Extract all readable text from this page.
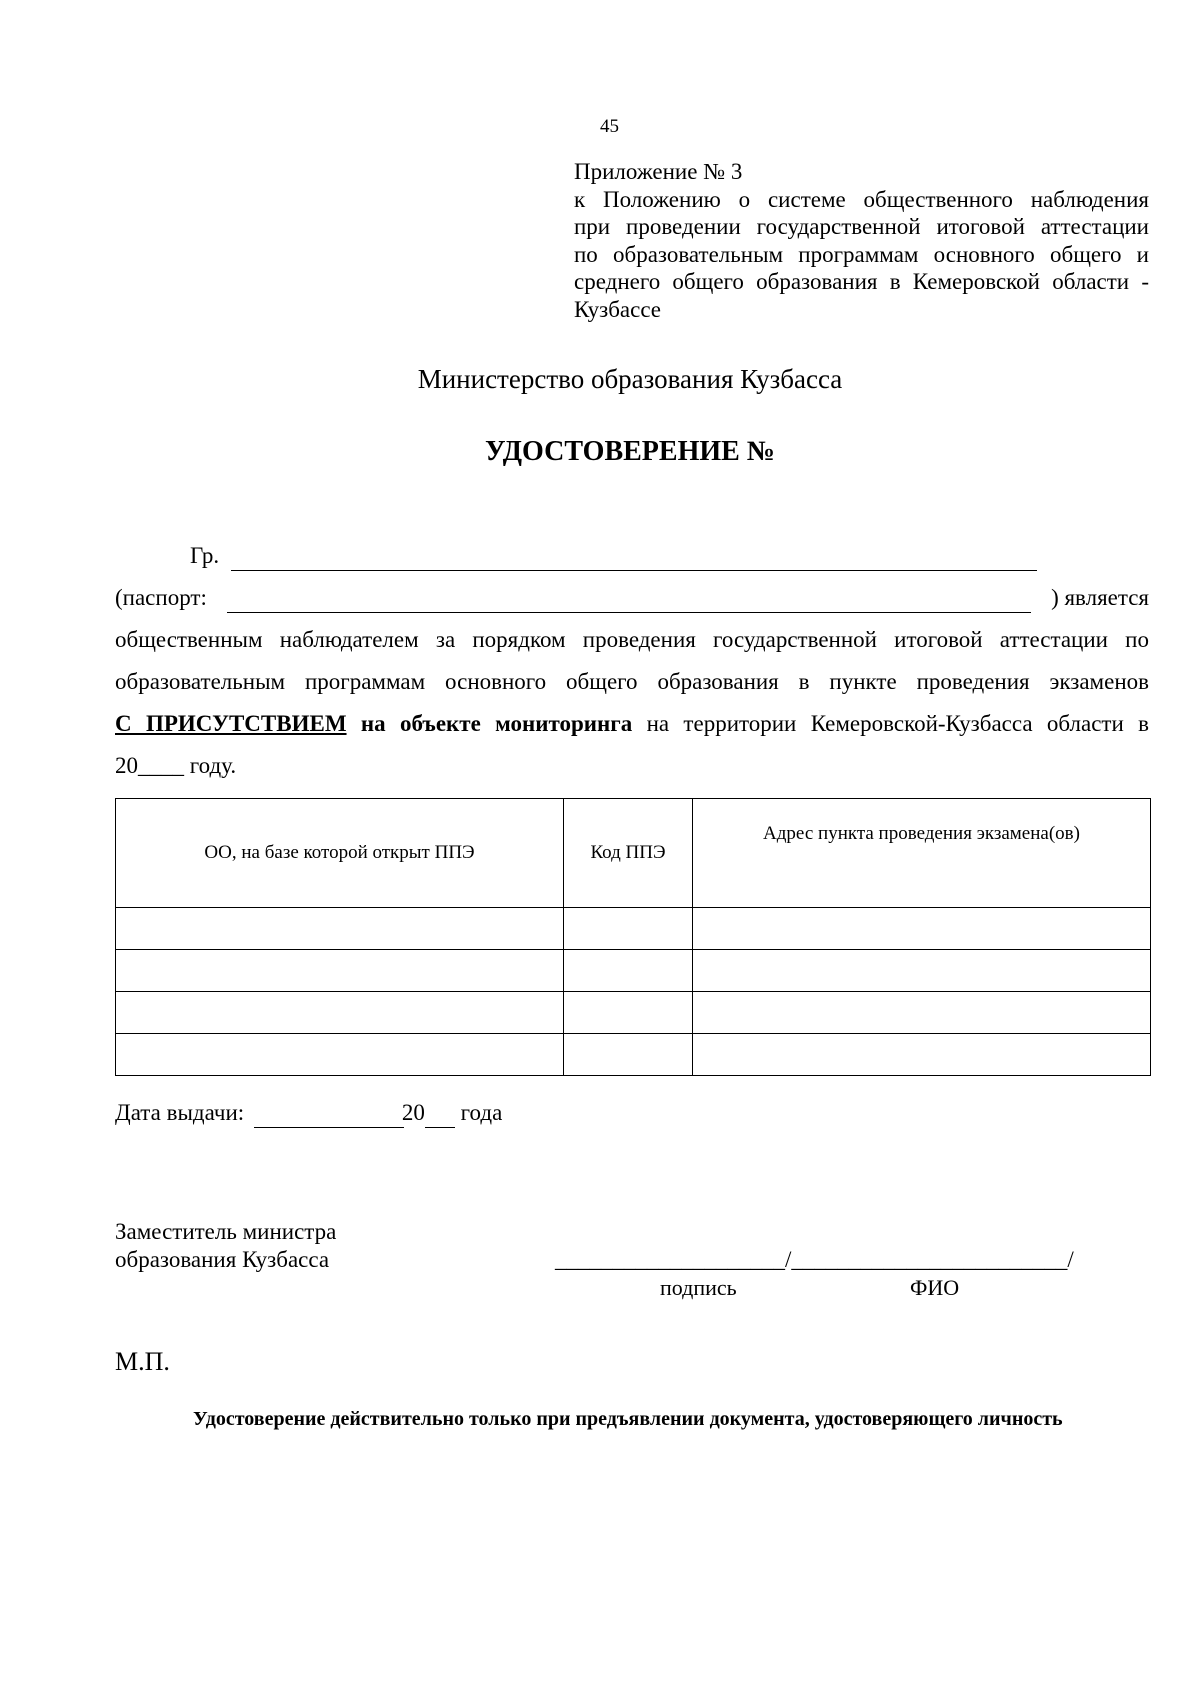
45
Приложение № 3
к Положению о системе общественного наблюдения
при проведении государственной итоговой аттестации
по образовательным программам основного общего и
среднего общего образования в Кемеровской области -
Кузбассе
Министерство образования Кузбасса
УДОСТОВЕРЕНИЕ №
Гр.
(паспорт:	) является
общественным наблюдателем за порядком проведения государственной итоговой аттестации по
образовательным программам основного общего образования в пункте проведения экзаменов
С ПРИСУТСТВИЕМ на объекте мониторинга на территории Кемеровской-Кузбасса области в
20____ году.
ОО, на базе которой открыт ППЭ	Код ППЭ	Адрес пункта проведения экзамена(ов)

Дата выдачи:	20 года
Заместитель министра
образования Кузбасса	____________________/________________________/
подпись	ФИО
М.П.
Удостоверение действительно только при предъявлении документа, удостоверяющего личность
